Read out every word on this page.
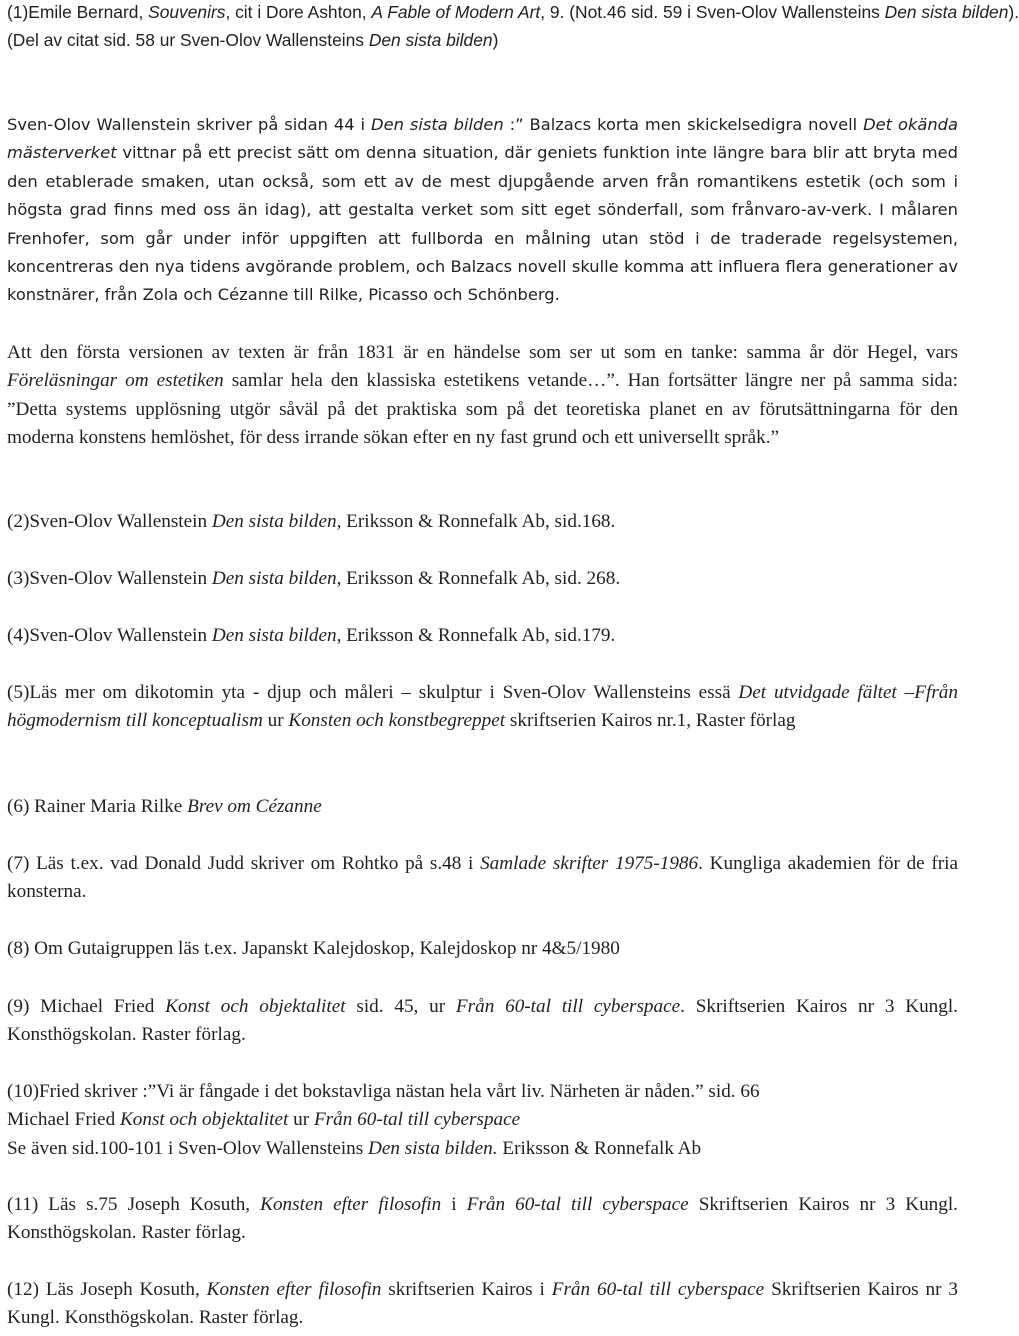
(1)Emile Bernard, Souvenirs, cit i Dore Ashton, A Fable of Modern Art, 9. (Not.46 sid. 59 i Sven-Olov Wallensteins Den sista bilden).
(Del av citat sid. 58 ur Sven-Olov Wallensteins Den sista bilden)
Sven-Olov Wallenstein skriver på sidan 44 i Den sista bilden :” Balzacs korta men skickelsedigra novell Det okända mästerverket vittnar på ett precist sätt om denna situation, där geniets funktion inte längre bara blir att bryta med den etablerade smaken, utan också, som ett av de mest djupgående arven från romantikens estetik (och som i högsta grad finns med oss än idag), att gestalta verket som sitt eget sönderfall, som frånvaro-av-verk. I målaren Frenhofer, som går under inför uppgiften att fullborda en målning utan stöd i de traderade regelsystemen, koncentreras den nya tidens avgörande problem, och Balzacs novell skulle komma att influera flera generationer av konstnärer, från Zola och Cézanne till Rilke, Picasso och Schönberg.
Att den första versionen av texten är från 1831 är en händelse som ser ut som en tanke: samma år dör Hegel, vars Föreläsningar om estetiken samlar hela den klassiska estetikens vetande…”. Han fortsätter längre ner på samma sida: ”Detta systems upplösning utgör såväl på det praktiska som på det teoretiska planet en av förutsättningarna för den moderna konstens hemlöshet, för dess irrande sökan efter en ny fast grund och ett universellt språk.”
(2)Sven-Olov Wallenstein Den sista bilden, Eriksson & Ronnefalk Ab, sid.168.
(3)Sven-Olov Wallenstein Den sista bilden, Eriksson & Ronnefalk Ab, sid. 268.
(4)Sven-Olov Wallenstein Den sista bilden, Eriksson & Ronnefalk Ab, sid.179.
(5)Läs mer om dikotomin yta - djup och måleri – skulptur i Sven-Olov Wallensteins essä Det utvidgade fältet –Ffrån högmodernism till konceptualism ur Konsten och konstbegreppet skriftserien Kairos nr.1, Raster förlag
(6) Rainer Maria Rilke Brev om Cézanne
(7) Läs t.ex. vad Donald Judd skriver om Rohtko på s.48 i Samlade skrifter 1975-1986. Kungliga akademien för de fria konsterna.
(8) Om Gutaigruppen läs t.ex. Japanskt Kalejdoskop, Kalejdoskop nr 4&5/1980
(9) Michael Fried Konst och objektalitet sid. 45, ur Från 60-tal till cyberspace. Skriftserien Kairos nr 3 Kungl. Konsthögskolan. Raster förlag.
(10)Fried skriver :”Vi är fångade i det bokstavliga nästan hela vårt liv. Närheten är nåden.” sid. 66
Michael Fried Konst och objektalitet ur Från 60-tal till cyberspace
Se även sid.100-101 i Sven-Olov Wallensteins Den sista bilden. Eriksson & Ronnefalk Ab
(11) Läs s.75 Joseph Kosuth, Konsten efter filosofin i Från 60-tal till cyberspace Skriftserien Kairos nr 3 Kungl. Konsthögskolan. Raster förlag.
(12) Läs Joseph Kosuth, Konsten efter filosofin skriftserien Kairos i Från 60-tal till cyberspace Skriftserien Kairos nr 3 Kungl. Konsthögskolan. Raster förlag.
